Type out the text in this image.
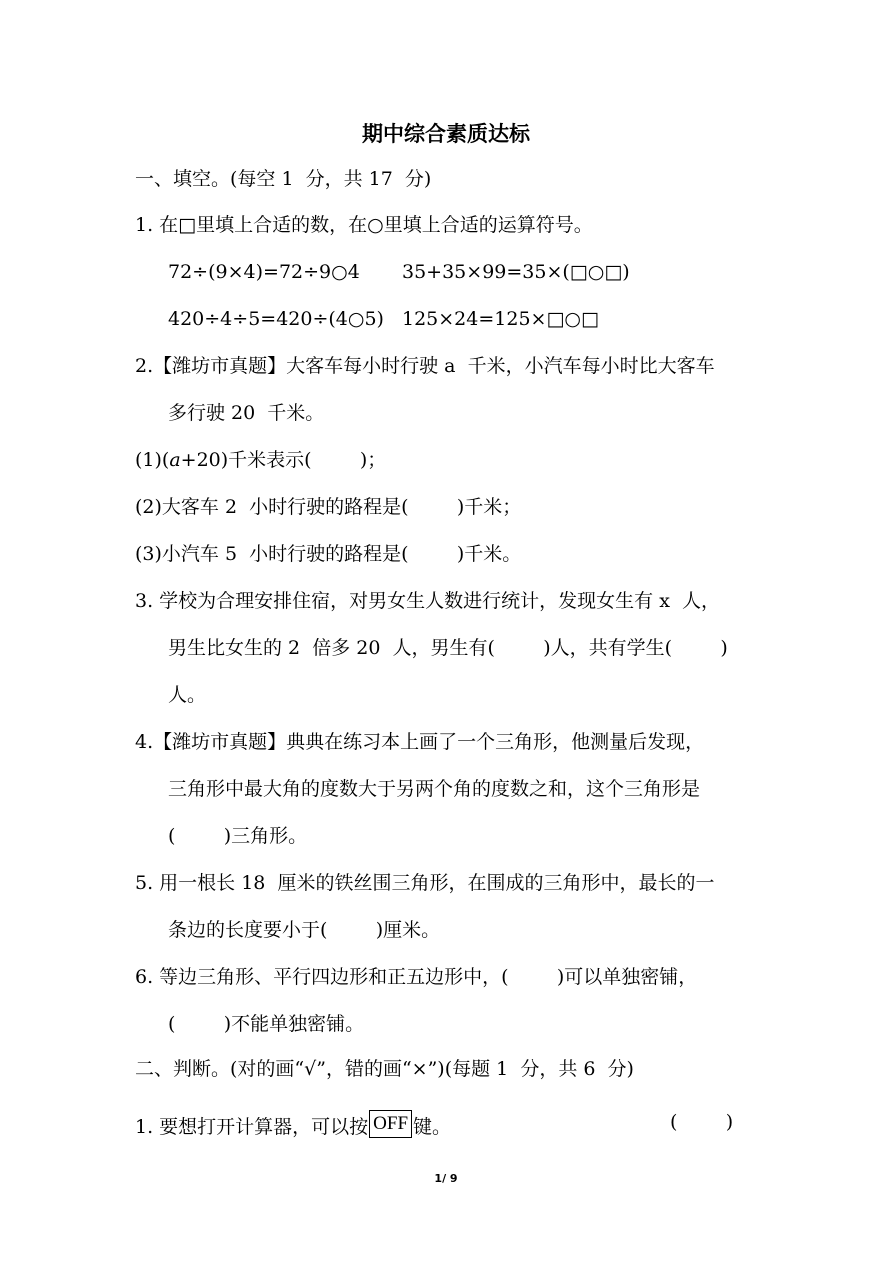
期中综合素质达标
一、填空。(每空 1  分，共 17  分)
1. 在□里填上合适的数，在○里填上合适的运算符号。
72÷(9×4)=72÷9○4 35+35×99=35×(□○□)
420÷4÷5=420÷(4○5) 125×24=125×□○□
2.【潍坊市真题】大客车每小时行驶 a  千米，小汽车每小时比大客车
多行驶 20  千米。
(1)(a+20)千米表示(        )；
(2)大客车 2  小时行驶的路程是(        )千米；
(3)小汽车 5  小时行驶的路程是(        )千米。
3. 学校为合理安排住宿，对男女生人数进行统计，发现女生有 x  人，
男生比女生的 2  倍多 20  人，男生有(        )人，共有学生(        )
人。
4.【潍坊市真题】典典在练习本上画了一个三角形，他测量后发现，
三角形中最大角的度数大于另两个角的度数之和，这个三角形是
(        )三角形。
5. 用一根长 18  厘米的铁丝围三角形，在围成的三角形中，最长的一
条边的长度要小于(        )厘米。
6. 等边三角形、平行四边形和正五边形中，(        )可以单独密铺，
(        )不能单独密铺。
二、判断。(对的画“√”，错的画“×”)(每题 1  分，共 6  分)
1. 要想打开计算器，可以按 OFF 键。	(        )
1/ 9
